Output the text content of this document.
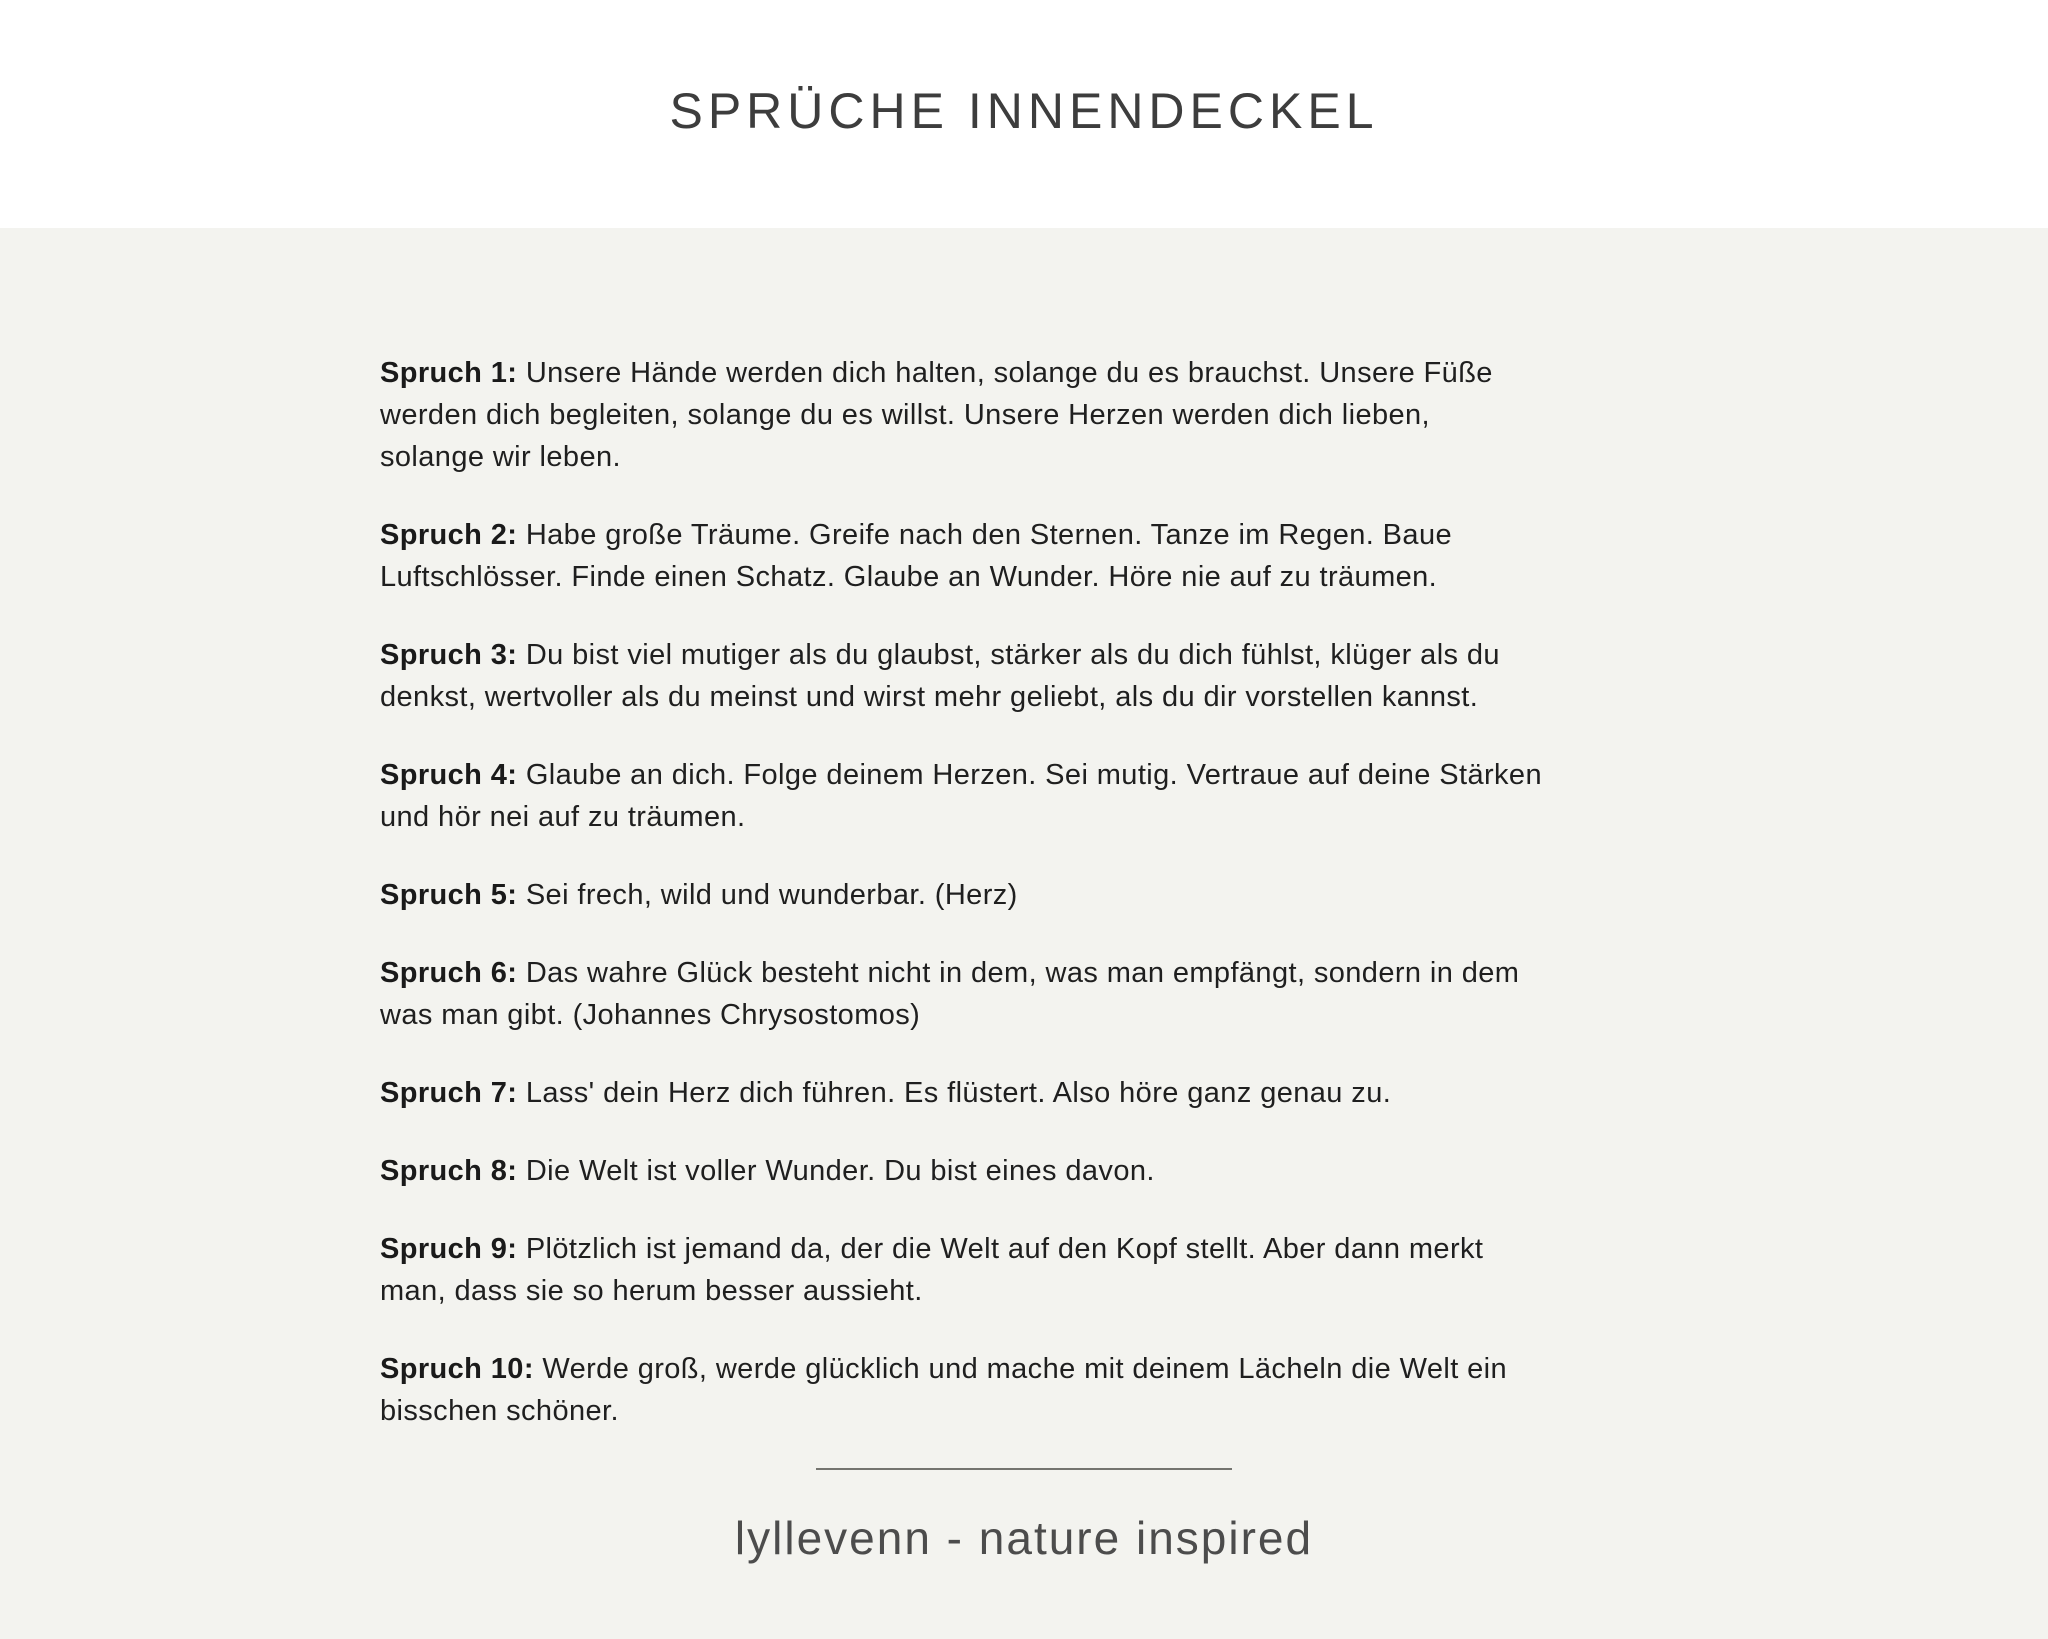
SPRÜCHE INNENDECKEL

Spruch 1: Unsere Hände werden dich halten, solange du es brauchst. Unsere Füße
werden dich begleiten, solange du es willst. Unsere Herzen werden dich lieben,
solange wir leben.

Spruch 2: Habe große Träume. Greife nach den Sternen. Tanze im Regen. Baue
Luftschlösser. Finde einen Schatz. Glaube an Wunder. Höre nie auf zu träumen.

Spruch 3: Du bist viel mutiger als du glaubst, stärker als du dich fühlst, klüger als du
denkst, wertvoller als du meinst und wirst mehr geliebt, als du dir vorstellen kannst.

Spruch 4: Glaube an dich. Folge deinem Herzen. Sei mutig. Vertraue auf deine Stärken
und hör nei auf zu träumen.

Spruch 5: Sei frech, wild und wunderbar. (Herz)

Spruch 6: Das wahre Glück besteht nicht in dem, was man empfängt, sondern in dem
was man gibt. (Johannes Chrysostomos)

Spruch 7: Lass' dein Herz dich führen. Es flüstert. Also höre ganz genau zu.

Spruch 8: Die Welt ist voller Wunder. Du bist eines davon.

Spruch 9: Plötzlich ist jemand da, der die Welt auf den Kopf stellt. Aber dann merkt
man, dass sie so herum besser aussieht.

Spruch 10: Werde groß, werde glücklich und mache mit deinem Lächeln die Welt ein
bisschen schöner.

lyllevenn - nature inspired
